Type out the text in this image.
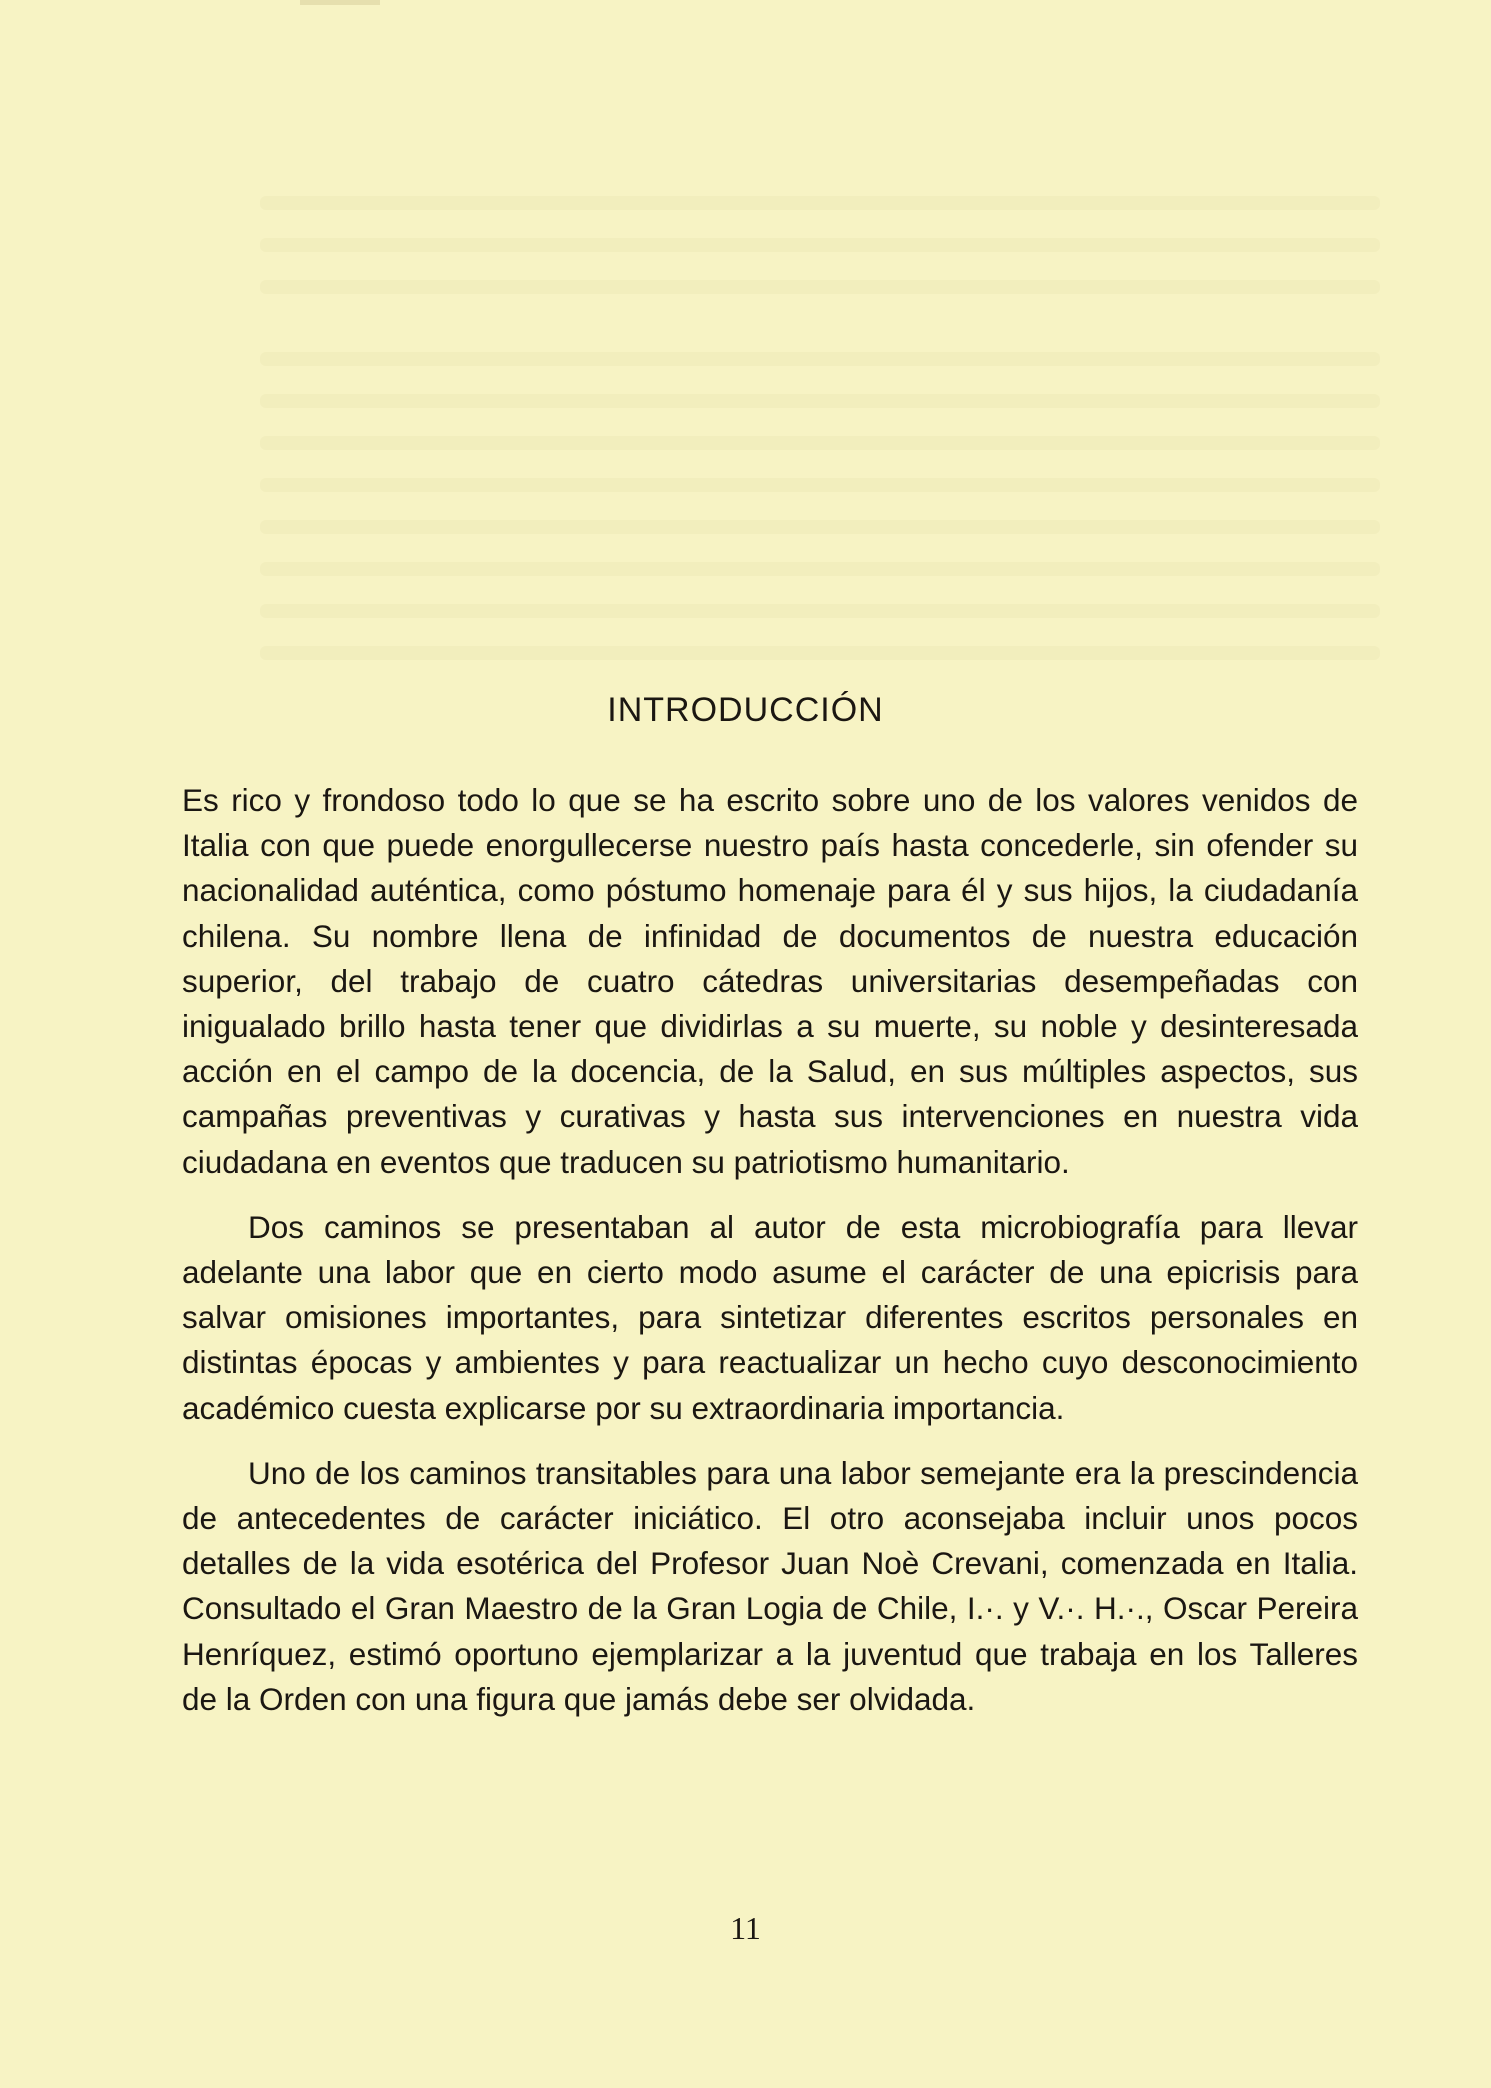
INTRODUCCIÓN

Es rico y frondoso todo lo que se ha escrito sobre uno de los valores venidos de Italia con que puede enorgullecerse nuestro país hasta concederle, sin ofender su nacionalidad auténtica, como póstumo homenaje para él y sus hijos, la ciudadanía chilena. Su nombre llena de infinidad de documentos de nuestra educación superior, del trabajo de cuatro cátedras universitarias desempeñadas con inigualado brillo hasta tener que dividirlas a su muerte, su noble y desinteresada acción en el campo de la docencia, de la Salud, en sus múltiples aspectos, sus campañas preventivas y curativas y hasta sus intervenciones en nuestra vida ciudadana en eventos que traducen su patriotismo humanitario.

Dos caminos se presentaban al autor de esta microbiografía para llevar adelante una labor que en cierto modo asume el carácter de una epicrisis para salvar omisiones importantes, para sintetizar diferentes escritos personales en distintas épocas y ambientes y para reactualizar un hecho cuyo desconocimiento académico cuesta explicarse por su extraordinaria importancia.

Uno de los caminos transitables para una labor semejante era la prescindencia de antecedentes de carácter iniciático. El otro aconsejaba incluir unos pocos detalles de la vida esotérica del Profesor Juan Noè Crevani, comenzada en Italia. Consultado el Gran Maestro de la Gran Logia de Chile, I.·. y V.·. H.·., Oscar Pereira Henríquez, estimó oportuno ejemplarizar a la juventud que trabaja en los Talleres de la Orden con una figura que jamás debe ser olvidada.

11
